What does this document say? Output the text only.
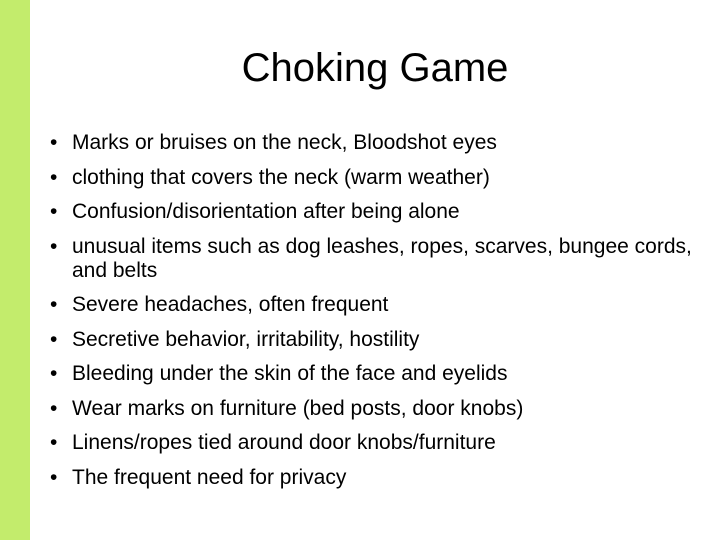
Choking Game
• Marks or bruises on the neck, Bloodshot eyes
• clothing that covers the neck (warm weather)
• Confusion/disorientation after being alone
• unusual items such as dog leashes, ropes, scarves, bungee cords, and belts
• Severe headaches, often frequent
• Secretive behavior, irritability, hostility
• Bleeding under the skin of the face and eyelids
• Wear marks on furniture (bed posts, door knobs)
• Linens/ropes tied around door knobs/furniture
• The frequent need for privacy
